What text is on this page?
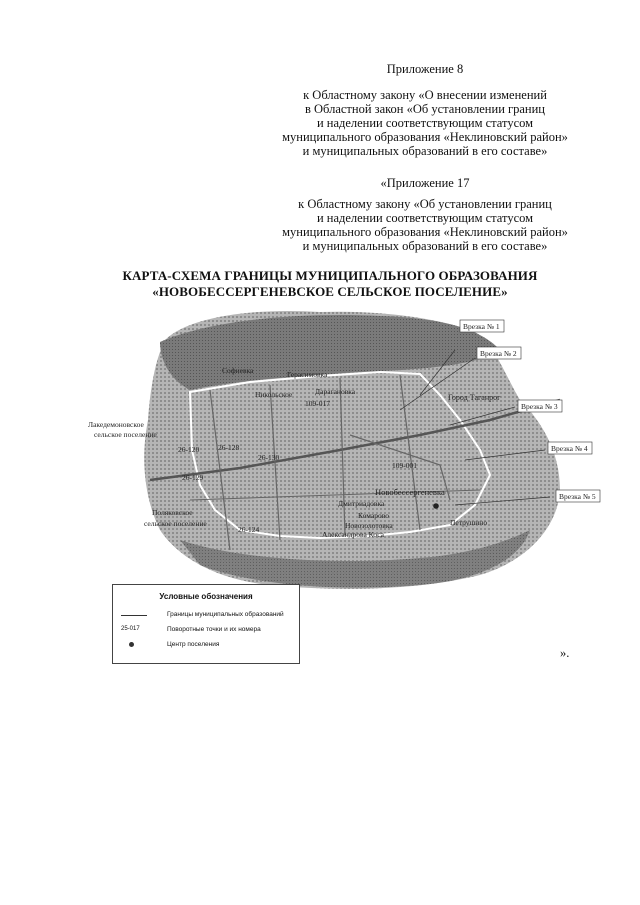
Приложение 8
к Областному закону «О внесении изменений
в Областной закон «Об установлении границ
и наделении соответствующим статусом
муниципального образования «Неклиновский район»
и муниципальных образований в его составе»
«Приложение 17
к Областному закону «Об установлении границ
и наделении соответствующим статусом
муниципального образования «Неклиновский район»
и муниципальных образований в его составе»
КАРТА-СХЕМА ГРАНИЦЫ МУНИЦИПАЛЬНОГО ОБРАЗОВАНИЯ
«НОВОБЕССЕРГЕНЕВСКОЕ СЕЛЬСКОЕ ПОСЕЛЕНИЕ»
Врезка № 1
Врезка № 2
Врезка № 3
Врезка № 4
Врезка № 5
Софиевка	Герасимовка
Никольское	Дарагановка
Город Таганрог
Лакедемоновское
сельское поселение
Поляковское
сельское поселение
Новобессергеневка
Дмитриадовка
Комарово
Новозолотовка
Александрова Коса
Петрушино
109-017
26-130
26-129
26-120	26-128
109-001
26-124
Условные обозначения
Границы муниципальных образований
25-017	Поворотные точки и их номера
Центр поселения
».
